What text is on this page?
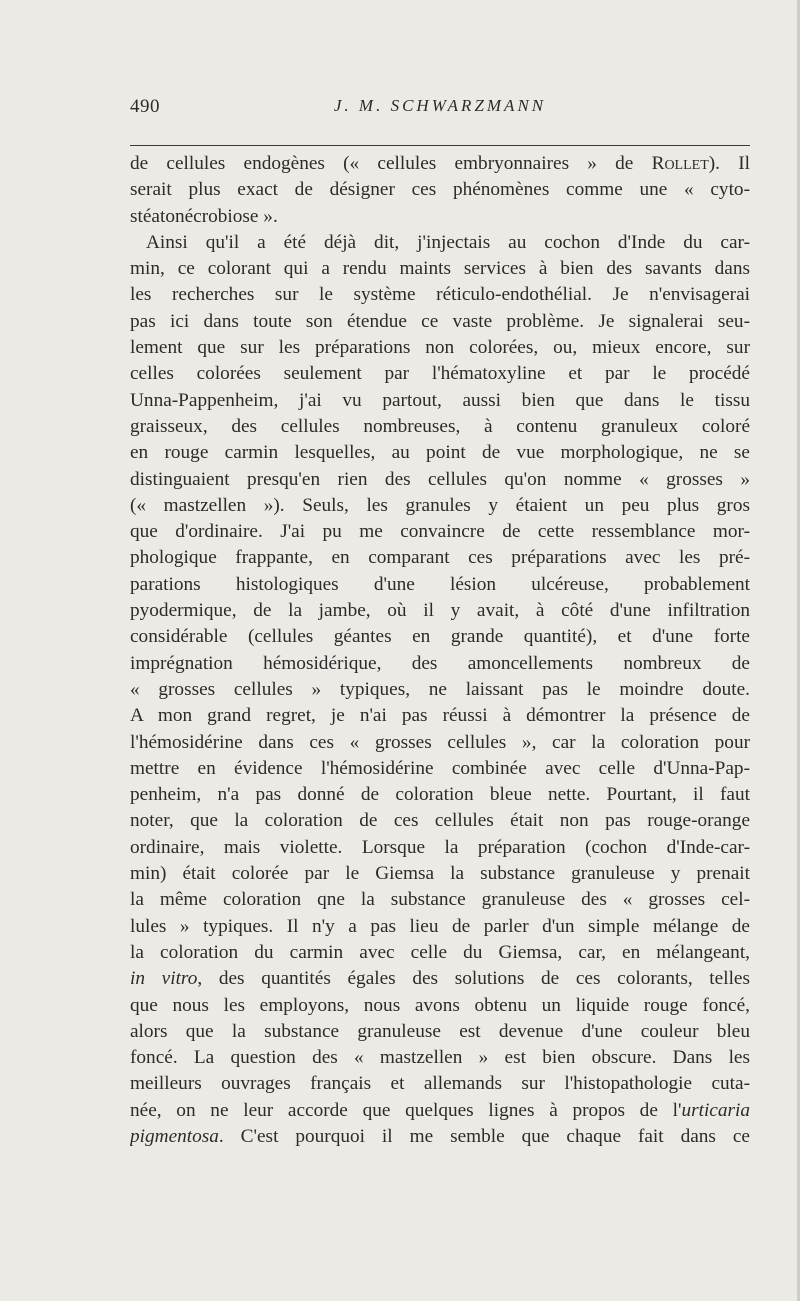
490	J. M. SCHWARZMANN
de cellules endogènes (« cellules embryonnaires » de Rollet). Il
serait plus exact de désigner ces phénomènes comme une « cyto-
stéatonécrobiose ».
Ainsi qu'il a été déjà dit, j'injectais au cochon d'Inde du car-
min, ce colorant qui a rendu maints services à bien des savants dans
les recherches sur le système réticulo-endothélial. Je n'envisagerai
pas ici dans toute son étendue ce vaste problème. Je signalerai seu-
lement que sur les préparations non colorées, ou, mieux encore, sur
celles colorées seulement par l'hématoxyline et par le procédé
Unna-Pappenheim, j'ai vu partout, aussi bien que dans le tissu
graisseux, des cellules nombreuses, à contenu granuleux coloré
en rouge carmin lesquelles, au point de vue morphologique, ne se
distinguaient presqu'en rien des cellules qu'on nomme « grosses »
(« mastzellen »). Seuls, les granules y étaient un peu plus gros
que d'ordinaire. J'ai pu me convaincre de cette ressemblance mor-
phologique frappante, en comparant ces préparations avec les pré-
parations histologiques d'une lésion ulcéreuse, probablement
pyodermique, de la jambe, où il y avait, à côté d'une infiltration
considérable (cellules géantes en grande quantité), et d'une forte
imprégnation hémosidérique, des amoncellements nombreux de
« grosses cellules » typiques, ne laissant pas le moindre doute.
A mon grand regret, je n'ai pas réussi à démontrer la présence de
l'hémosidérine dans ces « grosses cellules », car la coloration pour
mettre en évidence l'hémosidérine combinée avec celle d'Unna-Pap-
penheim, n'a pas donné de coloration bleue nette. Pourtant, il faut
noter, que la coloration de ces cellules était non pas rouge-orange
ordinaire, mais violette. Lorsque la préparation (cochon d'Inde-car-
min) était colorée par le Giemsa la substance granuleuse y prenait
la même coloration qne la substance granuleuse des « grosses cel-
lules » typiques. Il n'y a pas lieu de parler d'un simple mélange de
la coloration du carmin avec celle du Giemsa, car, en mélangeant,
in vitro, des quantités égales des solutions de ces colorants, telles
que nous les employons, nous avons obtenu un liquide rouge foncé,
alors que la substance granuleuse est devenue d'une couleur bleu
foncé. La question des « mastzellen » est bien obscure. Dans les
meilleurs ouvrages français et allemands sur l'histopathologie cuta-
née, on ne leur accorde que quelques lignes à propos de l'urticaria
pigmentosa. C'est pourquoi il me semble que chaque fait dans ce
